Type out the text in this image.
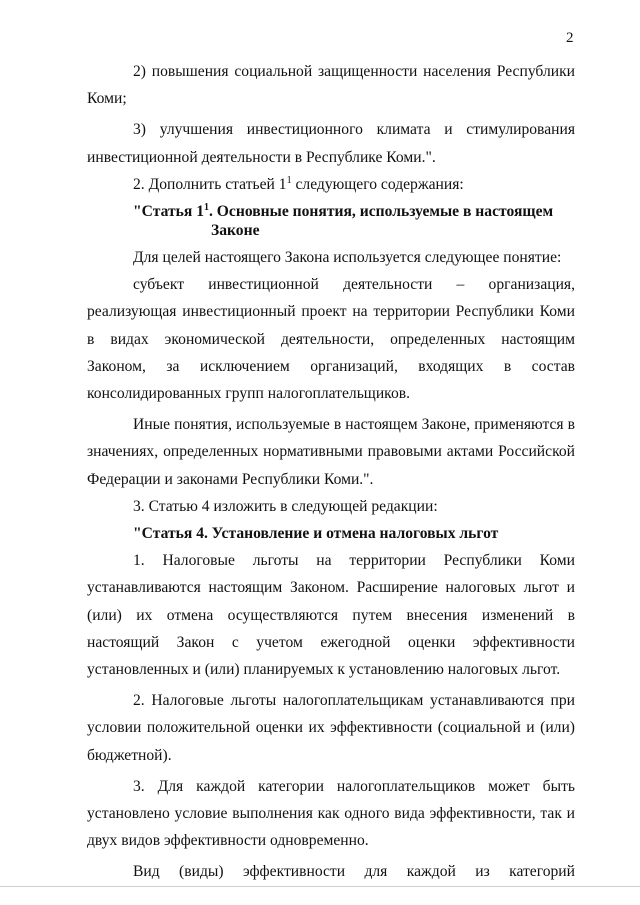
2
2) повышения социальной защищенности населения Республики
Коми;
3) улучшения инвестиционного климата и стимулирования
инвестиционной деятельности в Республике Коми.".
2. Дополнить статьей $1^1$ следующего содержания:
"Статья $1^1$. Основные понятия, используемые в настоящем
Законе
Для целей настоящего Закона используется следующее понятие:
субъект инвестиционной деятельности – организация, реализующая инвестиционный проект на территории Республики Коми в видах экономической деятельности, определенных настоящим Законом, за исключением организаций, входящих в состав консолидированных групп налогоплательщиков.
Иные понятия, используемые в настоящем Законе, применяются в значениях, определенных нормативными правовыми актами Российской Федерации и законами Республики Коми.".
3. Статью 4 изложить в следующей редакции:
"Статья 4. Установление и отмена налоговых льгот
1. Налоговые льготы на территории Республики Коми устанавливаются настоящим Законом. Расширение налоговых льгот и (или) их отмена осуществляются путем внесения изменений в настоящий Закон с учетом ежегодной оценки эффективности установленных и (или) планируемых к установлению налоговых льгот.
2. Налоговые льготы налогоплательщикам устанавливаются при условии положительной оценки их эффективности (социальной и (или) бюджетной).
3. Для каждой категории налогоплательщиков может быть установлено условие выполнения как одного вида эффективности, так и двух видов эффективности одновременно.
Вид (виды) эффективности для каждой из категорий
